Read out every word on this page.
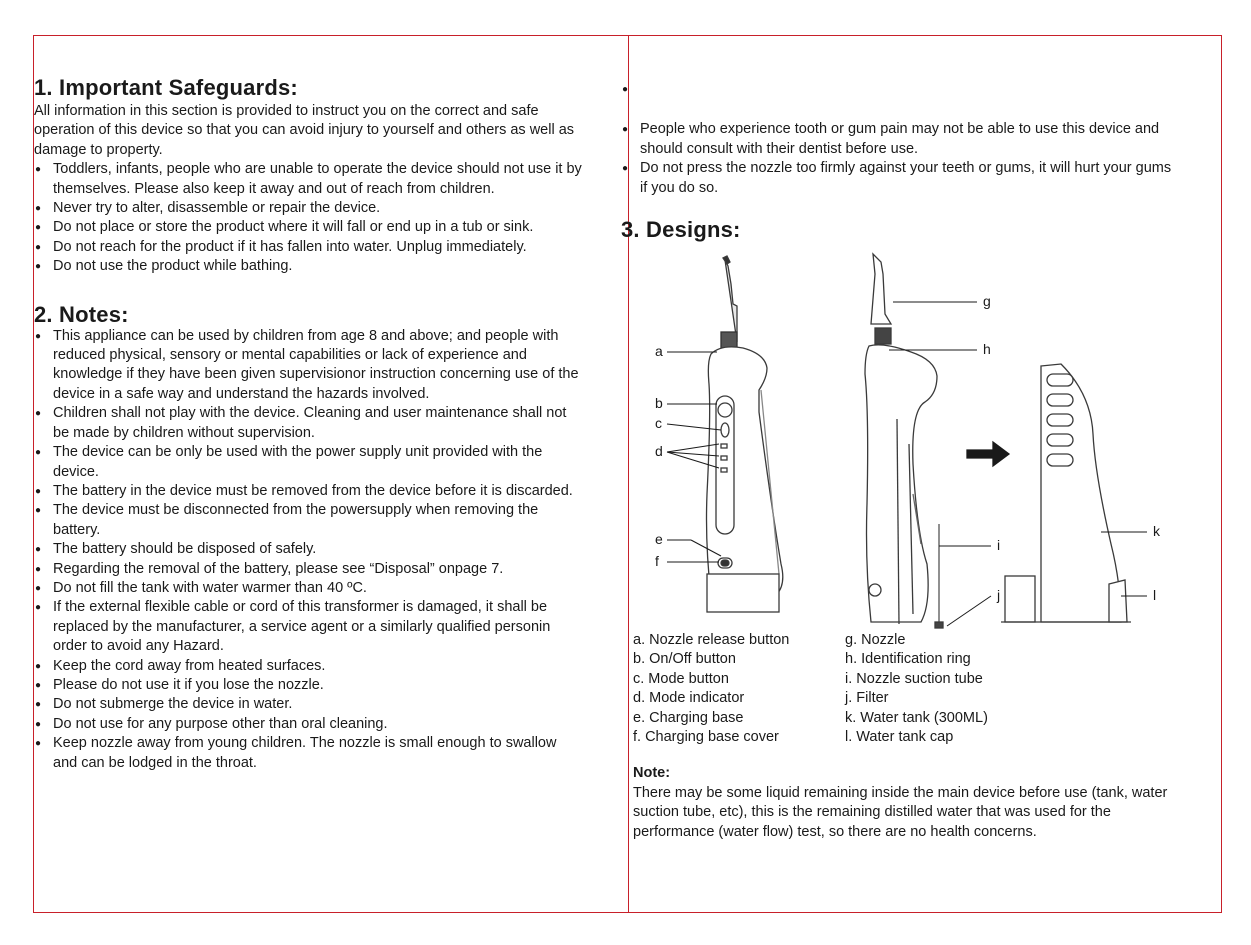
1. Important Safeguards:

All information in this section is provided to instruct you on the correct and safe operation of this device so that you can avoid injury to yourself and others as well as damage to property.

● Toddlers, infants, people who are unable to operate the device should not use it by themselves. Please also keep it away and out of reach from children.
● Never try to alter, disassemble or repair the device.
● Do not place or store the product where it will fall or end up in a tub or sink.
● Do not reach for the product if it has fallen into water. Unplug immediately.
● Do not use the product while bathing.
2. Notes:
● This appliance can be used by children from age 8 and above; and people with reduced physical, sensory or mental capabilities or lack of experience and knowledge if they have been given supervisionor instruction concerning use of the device in a safe way and understand the hazards involved.
● Children shall not play with the device. Cleaning and user maintenance shall not be made by children without supervision.
● The device can be only be used with the power supply unit provided with the device.
● The battery in the device must be removed from the device before it is discarded.
● The device must be disconnected from the powersupply when removing the battery.
● The battery should be disposed of safely.
● Regarding the removal of the battery, please see “Disposal” onpage 7.
● Do not fill the tank with water warmer than 40 ºC.
● If the external flexible cable or cord of this transformer is damaged, it shall be replaced by the manufacturer, a service agent or a similarly qualified personin order to avoid any Hazard.
● Keep the cord away from heated surfaces.
● Please do not use it if you lose the nozzle.
● Do not submerge the device in water.
● Do not use for any purpose other than oral cleaning.
● Keep nozzle away from young children. The nozzle is small enough to swallow and can be lodged in the throat.
●
● People who experience tooth or gum pain may not be able to use this device and should consult with their dentist before use.
● Do not press the nozzle too firmly against your teeth or gums, it will hurt your gums if you do so.
3. Designs:
a
b
c
d
e
f
g
h
i
j
k
l
a. Nozzle release button
b. On/Off button
c. Mode button
d. Mode indicator
e. Charging base
f. Charging base cover
g. Nozzle
h. Identification ring
i. Nozzle suction tube
j. Filter
k. Water tank (300ML)
l. Water tank cap
Note:
There may be some liquid remaining inside the main device before use (tank, water suction tube, etc), this is the remaining distilled water that was used for the performance (water flow) test, so there are no health concerns.
